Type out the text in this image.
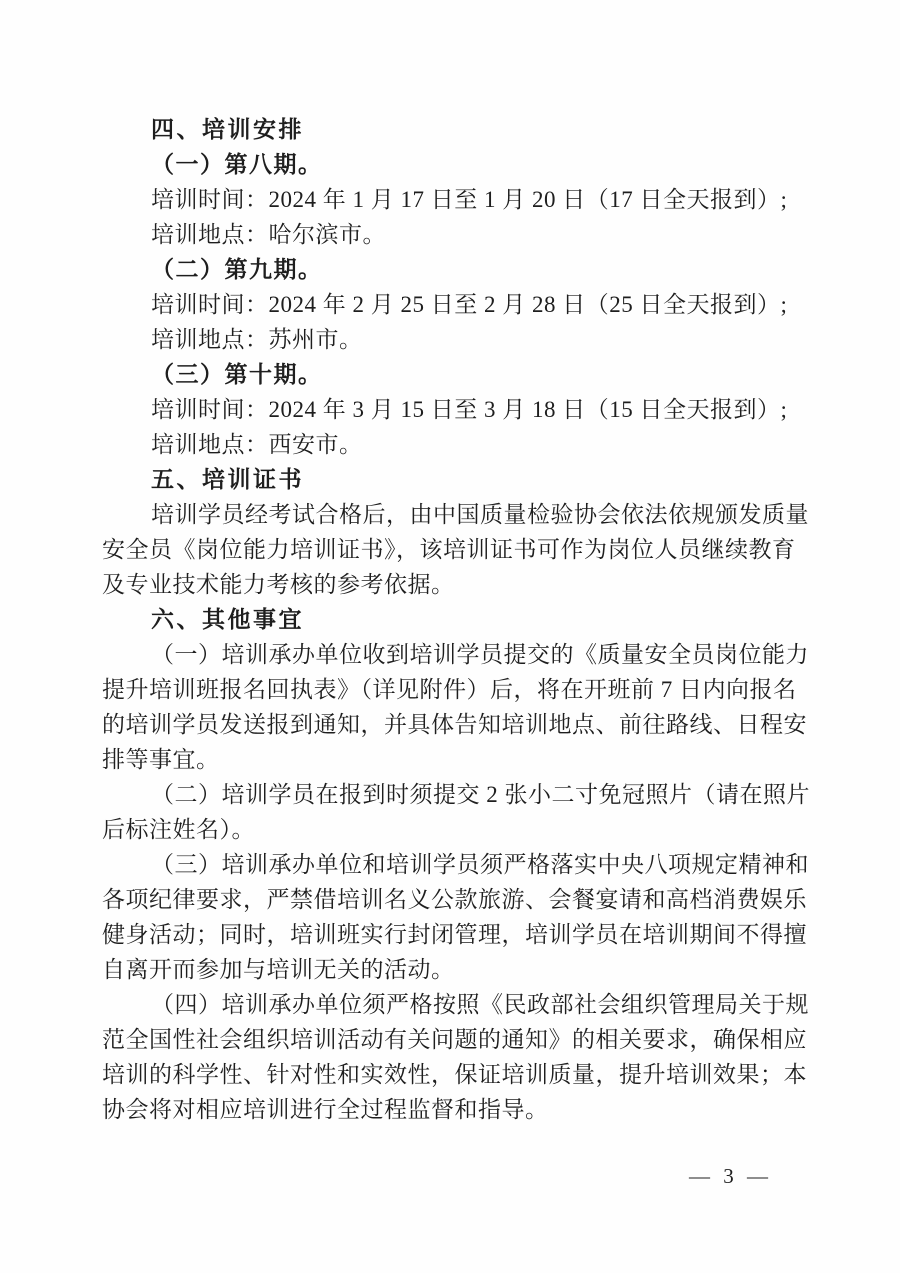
四、培训安排
（一）第八期。
培训时间：2024 年 1 月 17 日至 1 月 20 日（17 日全天报到）;
培训地点：哈尔滨市。
（二）第九期。
培训时间：2024 年 2 月 25 日至 2 月 28 日（25 日全天报到）;
培训地点：苏州市。
（三）第十期。
培训时间：2024 年 3 月 15 日至 3 月 18 日（15 日全天报到）;
培训地点：西安市。
五、培训证书
培训学员经考试合格后，由中国质量检验协会依法依规颁发质量
安全员《岗位能力培训证书》，该培训证书可作为岗位人员继续教育
及专业技术能力考核的参考依据。
六、其他事宜
（一）培训承办单位收到培训学员提交的《质量安全员岗位能力
提升培训班报名回执表》（详见附件）后，将在开班前 7 日内向报名
的培训学员发送报到通知，并具体告知培训地点、前往路线、日程安
排等事宜。
（二）培训学员在报到时须提交 2 张小二寸免冠照片（请在照片
后标注姓名）。
（三）培训承办单位和培训学员须严格落实中央八项规定精神和
各项纪律要求，严禁借培训名义公款旅游、会餐宴请和高档消费娱乐
健身活动；同时，培训班实行封闭管理，培训学员在培训期间不得擅
自离开而参加与培训无关的活动。
（四）培训承办单位须严格按照《民政部社会组织管理局关于规
范全国性社会组织培训活动有关问题的通知》的相关要求，确保相应
培训的科学性、针对性和实效性，保证培训质量，提升培训效果；本
协会将对相应培训进行全过程监督和指导。
— 3 —
